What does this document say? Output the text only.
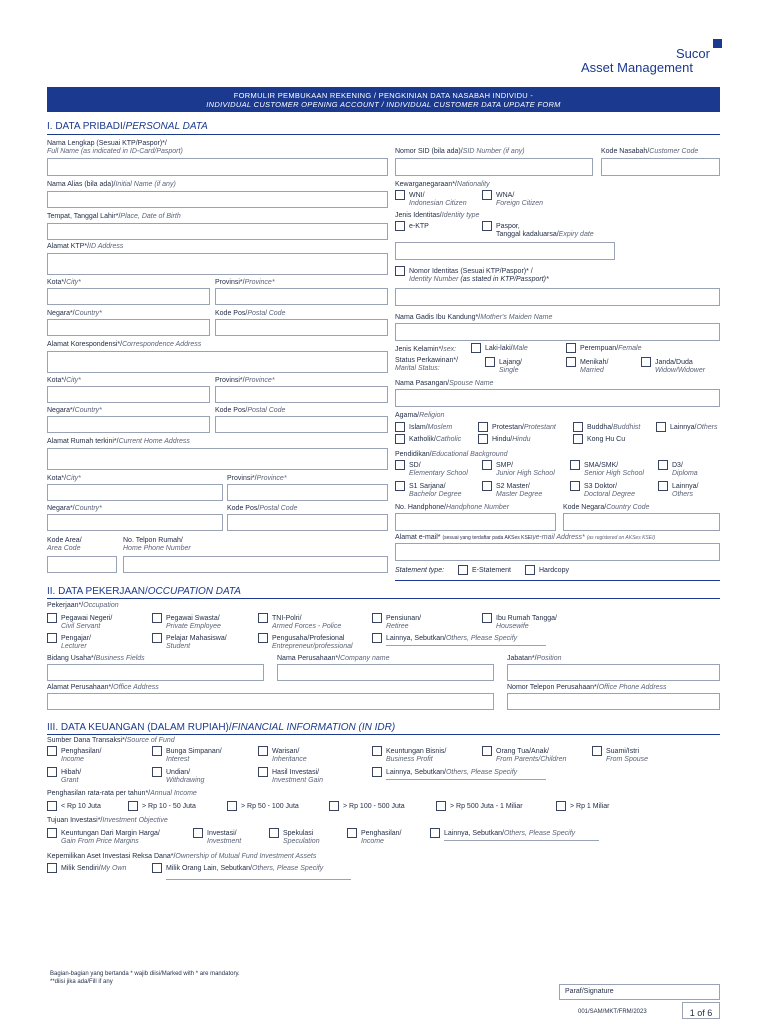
Sucor
Asset Management
FORMULIR PEMBUKAAN REKENING / PENGKINIAN DATA NASABAH INDIVIDU -
INDIVIDUAL CUSTOMER OPENING ACCOUNT / INDIVIDUAL CUSTOMER DATA UPDATE FORM
I. DATA PRIBADI/PERSONAL DATA
Nama Lengkap (Sesuai KTP/Paspor)*/
Full Name (as indicated in ID-Card/Pasport)	Nomor SID (bila ada)/SID Number (if any)	Kode Nasabah/Customer Code
Nama Alias (bila ada)/Initial Name (if any)
Tempat, Tanggal Lahir*/Place, Date of Birth
Alamat KTP*/ID Address
Kota*/City*	Provinsi*/Province*
Negara*/Country*	Kode Pos/Postal Code
Alamat Korespondensi*/Correspondence Address
Kota*/City*	Provinsi*/Province*
Negara*/Country*	Kode Pos/Postal Code
Alamat Rumah terkini*/Current Home Address
Kota*/City*	Provinsi*/Province*
Negara*/Country*	Kode Pos/Postal Code
Kode Area/
Area Code
No. Telpon Rumah/
Home Phone Number
Kewarganegaraan*/Nationality
WNI/
Indonesian Citizen
WNA/
Foreign Citizen
Jenis Identitas/Identity type
e-KTP	Paspor,
Tanggal kadaluarsa/Expiry date
Nomor Identitas (Sesuai KTP/Paspor)* /
Identity Number (as stated in KTP/Passport)*
Nama Gadis Ibu Kandung*/Mother's Maiden Name
Jenis Kelamin*/sex:	Laki-laki/Male	Perempuan/Female
Status Perkawinan*/
Marital Status:
Lajang/
Single
Menikah/
Married
Janda/Duda
Widow/Widower
Nama Pasangan/Spouse Name
Agama/Religion
Islam/Moslem	Protestan/Protestant	Buddha/Buddhist	Lainnya/Others
Katholik/Catholic	Hindu/Hindu	Kong Hu Cu
Pendidikan/Educational Background
SD/
Elementary School
SMP/
Junior High School
SMA/SMK/
Senior High School
D3/
Diploma
S1 Sarjana/
Bachelor Degree
S2 Master/
Master Degree
S3 Doktor/
Doctoral Degree
Lainnya/
Others
No. Handphone/Handphone Number	Kode Negara/Country Code
Alamat e-mail* (sesuai yang terdaftar pada AKSes KSEI)/e-mail Address* (as registered on AKSes KSEI)
Statement type:	E-Statement	Hardcopy
II. DATA PEKERJAAN/OCCUPATION DATA
Pekerjaan*/Occupation
Pegawai Negeri/
Civil Servant
Pegawai Swasta/
Private Employee
TNI-Polri/
Armed Forces - Police
Pensiunan/
Retiree
Ibu Rumah Tangga/
Housewife
Pengajar/
Lecturer
Pelajar Mahasiswa/
Student
Pengusaha/Profesional
Entrepreneur/professional
Lainnya, Sebutkan/Others, Please Specify
Bidang Usaha*/Business Fields	Nama Perusahaan*/Company name	Jabatan*/Position
Alamat Perusahaan*/Office Address	Nomor Telepon Perusahaan*/Office Phone Address
III. DATA KEUANGAN (DALAM RUPIAH)/FINANCIAL INFORMATION (IN IDR)
Sumber Dana Transaksi*/Source of Fund
Penghasilan/
Income
Bunga Simpanan/
Interest
Warisan/
Inheritance
Keuntungan Bisnis/
Business Profit
Orang Tua/Anak/
From Parents/Children
Suami/Istri
From Spouse
Hibah/
Grant
Undian/
Withdrawing
Hasil Investasi/
Investment Gain
Lainnya, Sebutkan/Others, Please Specify
Penghasilan rata-rata per tahun*/Annual Income
< Rp 10 Juta	> Rp 10 - 50 Juta	> Rp 50 - 100 Juta	> Rp 100 - 500 Juta	> Rp 500 Juta - 1 Miliar	> Rp 1 Miliar
Tujuan Investasi*/Investment Objective
Keuntungan Dari Margin Harga/
Gain From Price Margins
Investasi/
Investment
Spekulasi
Speculation
Penghasilan/
Income
Lainnya, Sebutkan/Others, Please Specify
Kepemilikan Aset Investasi Reksa Dana*/Ownership of Mutual Fund Investment Assets
Milik Sendiri/My Own	Milik Orang Lain, Sebutkan/Others, Please Specify
Bagian-bagian yang bertanda * wajib diisi/Marked with * are mandatory.
**diisi jika ada/Fill if any
Paraf/Signature
001/SAM/MKT/FRM/2023	1 of 6
